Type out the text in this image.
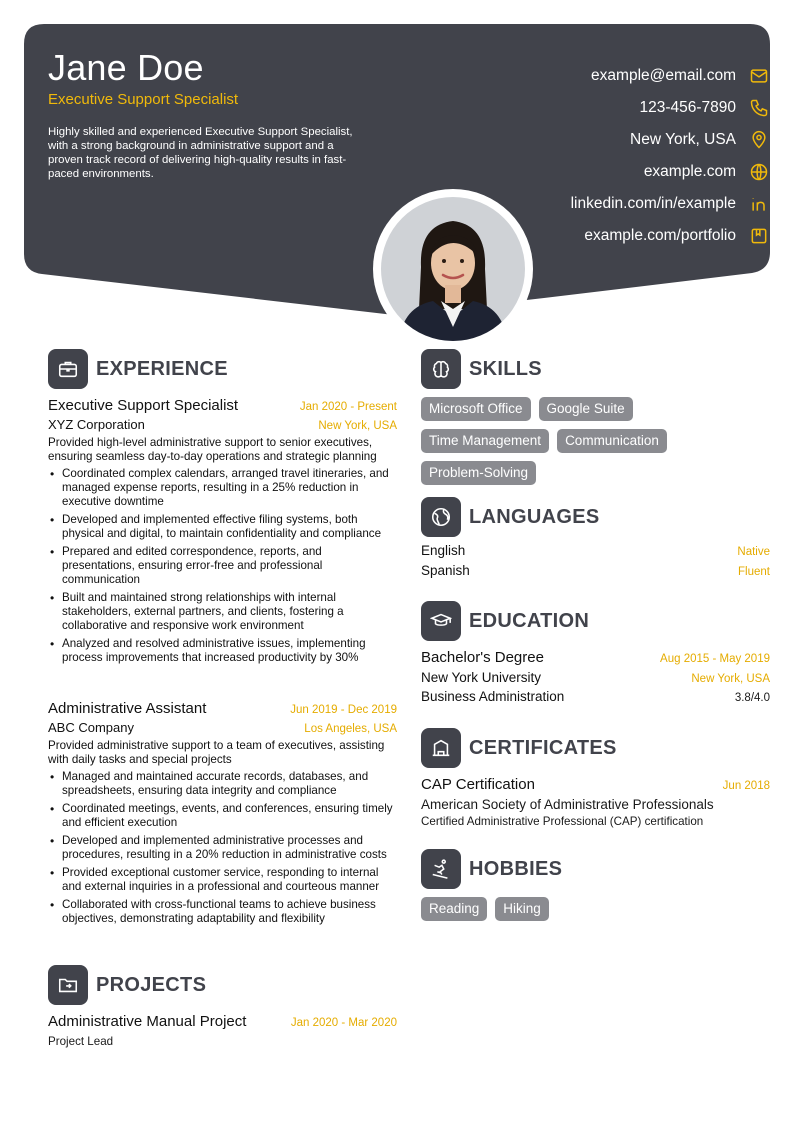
Jane Doe
Executive Support Specialist
Highly skilled and experienced Executive Support Specialist, with a strong background in administrative support and a proven track record of delivering high-quality results in fast-paced environments.
example@email.com
123-456-7890
New York, USA
example.com
linkedin.com/in/example
example.com/portfolio
EXPERIENCE
Executive Support Specialist	Jan 2020 - Present
XYZ Corporation	New York, USA
Provided high-level administrative support to senior executives, ensuring seamless day-to-day operations and strategic planning
• Coordinated complex calendars, arranged travel itineraries, and managed expense reports, resulting in a 25% reduction in executive downtime
• Developed and implemented effective filing systems, both physical and digital, to maintain confidentiality and compliance
• Prepared and edited correspondence, reports, and presentations, ensuring error-free and professional communication
• Built and maintained strong relationships with internal stakeholders, external partners, and clients, fostering a collaborative and responsive work environment
• Analyzed and resolved administrative issues, implementing process improvements that increased productivity by 30%
Administrative Assistant	Jun 2019 - Dec 2019
ABC Company	Los Angeles, USA
Provided administrative support to a team of executives, assisting with daily tasks and special projects
• Managed and maintained accurate records, databases, and spreadsheets, ensuring data integrity and compliance
• Coordinated meetings, events, and conferences, ensuring timely and efficient execution
• Developed and implemented administrative processes and procedures, resulting in a 20% reduction in administrative costs
• Provided exceptional customer service, responding to internal and external inquiries in a professional and courteous manner
• Collaborated with cross-functional teams to achieve business objectives, demonstrating adaptability and flexibility
PROJECTS
Administrative Manual Project	Jan 2020 - Mar 2020
Project Lead
SKILLS
Microsoft Office	Google Suite
Time Management	Communication
Problem-Solving
LANGUAGES
English	Native
Spanish	Fluent
EDUCATION
Bachelor's Degree	Aug 2015 - May 2019
New York University	New York, USA
Business Administration	3.8/4.0
CERTIFICATES
CAP Certification	Jun 2018
American Society of Administrative Professionals
Certified Administrative Professional (CAP) certification
HOBBIES
Reading	Hiking
